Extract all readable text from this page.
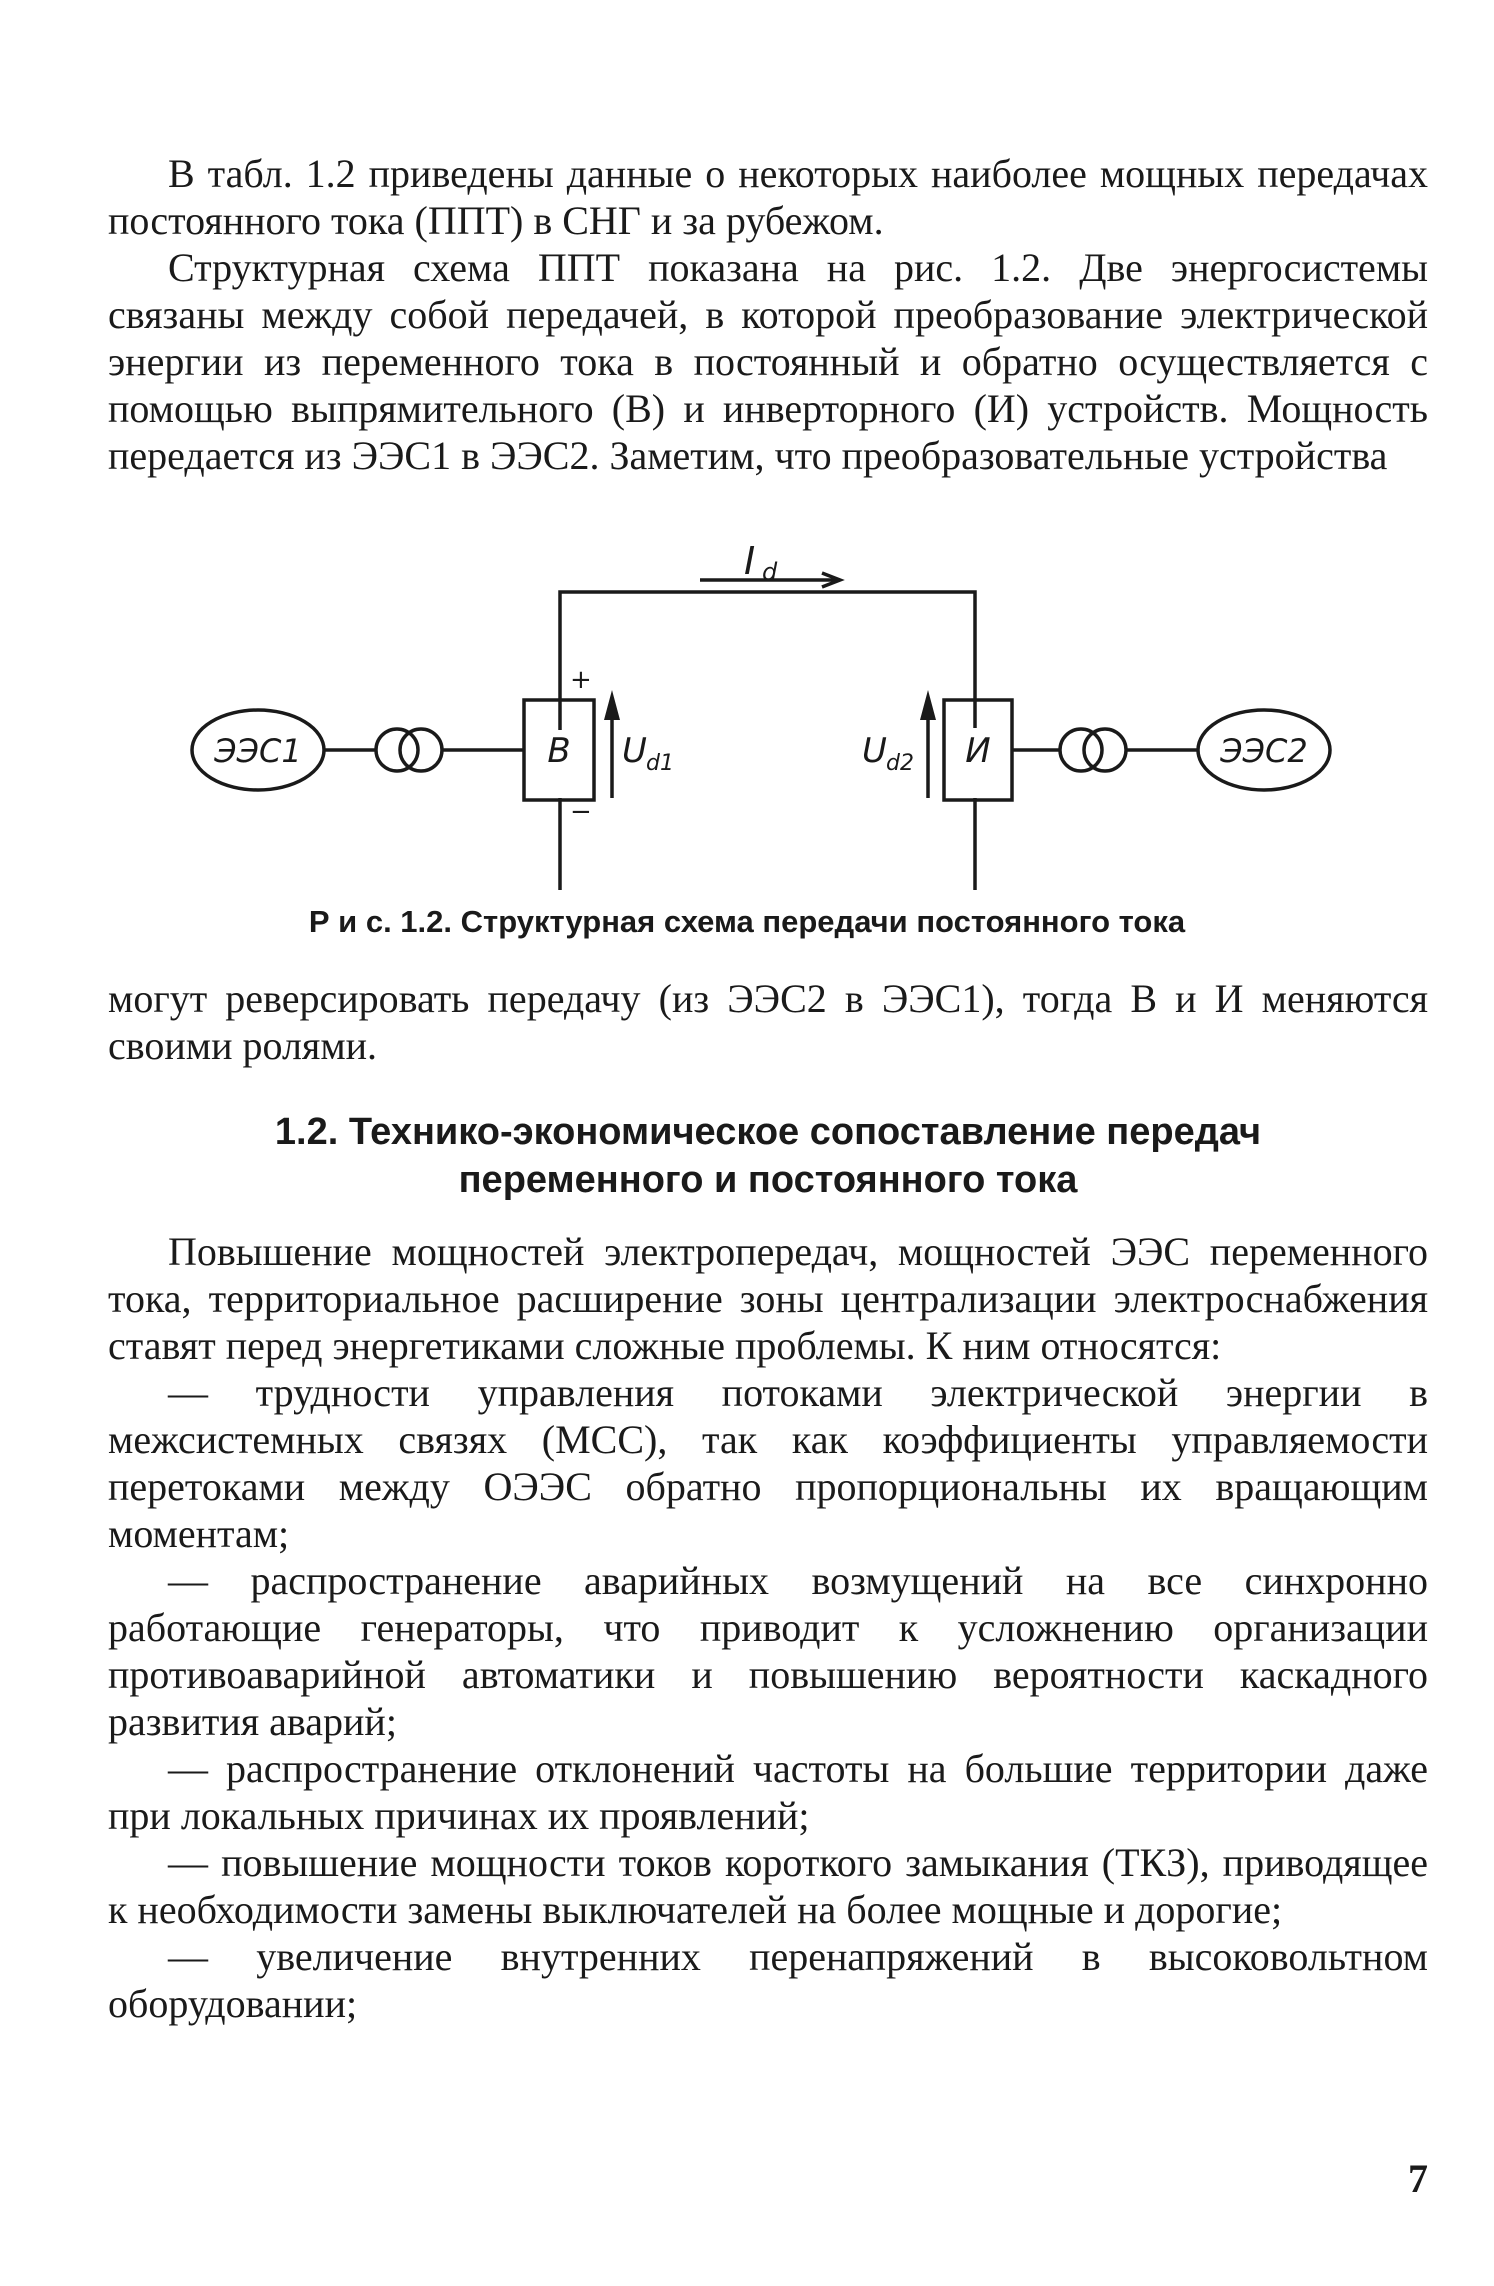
В табл. 1.2 приведены данные о некоторых наиболее мощных передачах постоянного тока (ППТ) в СНГ и за рубежом.

Структурная схема ППТ показана на рис. 1.2. Две энергосистемы связаны между собой передачей, в которой преобразование электрической энергии из переменного тока в постоянный и обратно осуществляется с помощью выпрямительного (В) и инверторного (И) устройств. Мощность передается из ЭЭС1 в ЭЭС2. Заметим, что преобразовательные устройства

I d
ЭЭС1	ЭЭС2
В	И
U d1	U d2
+
−
Р и с. 1.2. Структурная схема передачи постоянного тока

могут реверсировать передачу (из ЭЭС2 в ЭЭС1), тогда В и И меняются своими ролями.

1.2. Технико-экономическое сопоставление передач
переменного и постоянного тока

Повышение мощностей электропередач, мощностей ЭЭС переменного тока, территориальное расширение зоны централизации электроснабжения ставят перед энергетиками сложные проблемы. К ним относятся:

— трудности управления потоками электрической энергии в межсистемных связях (МСС), так как коэффициенты управляемости перетоками между ОЭЭС обратно пропорциональны их вращающим моментам;

— распространение аварийных возмущений на все синхронно работающие генераторы, что приводит к усложнению организации противоаварийной автоматики и повышению вероятности каскадного развития аварий;

— распространение отклонений частоты на большие территории даже при локальных причинах их проявлений;

— повышение мощности токов короткого замыкания (ТКЗ), приводящее к необходимости замены выключателей на более мощные и дорогие;

— увеличение внутренних перенапряжений в высоковольтном оборудовании;

7
